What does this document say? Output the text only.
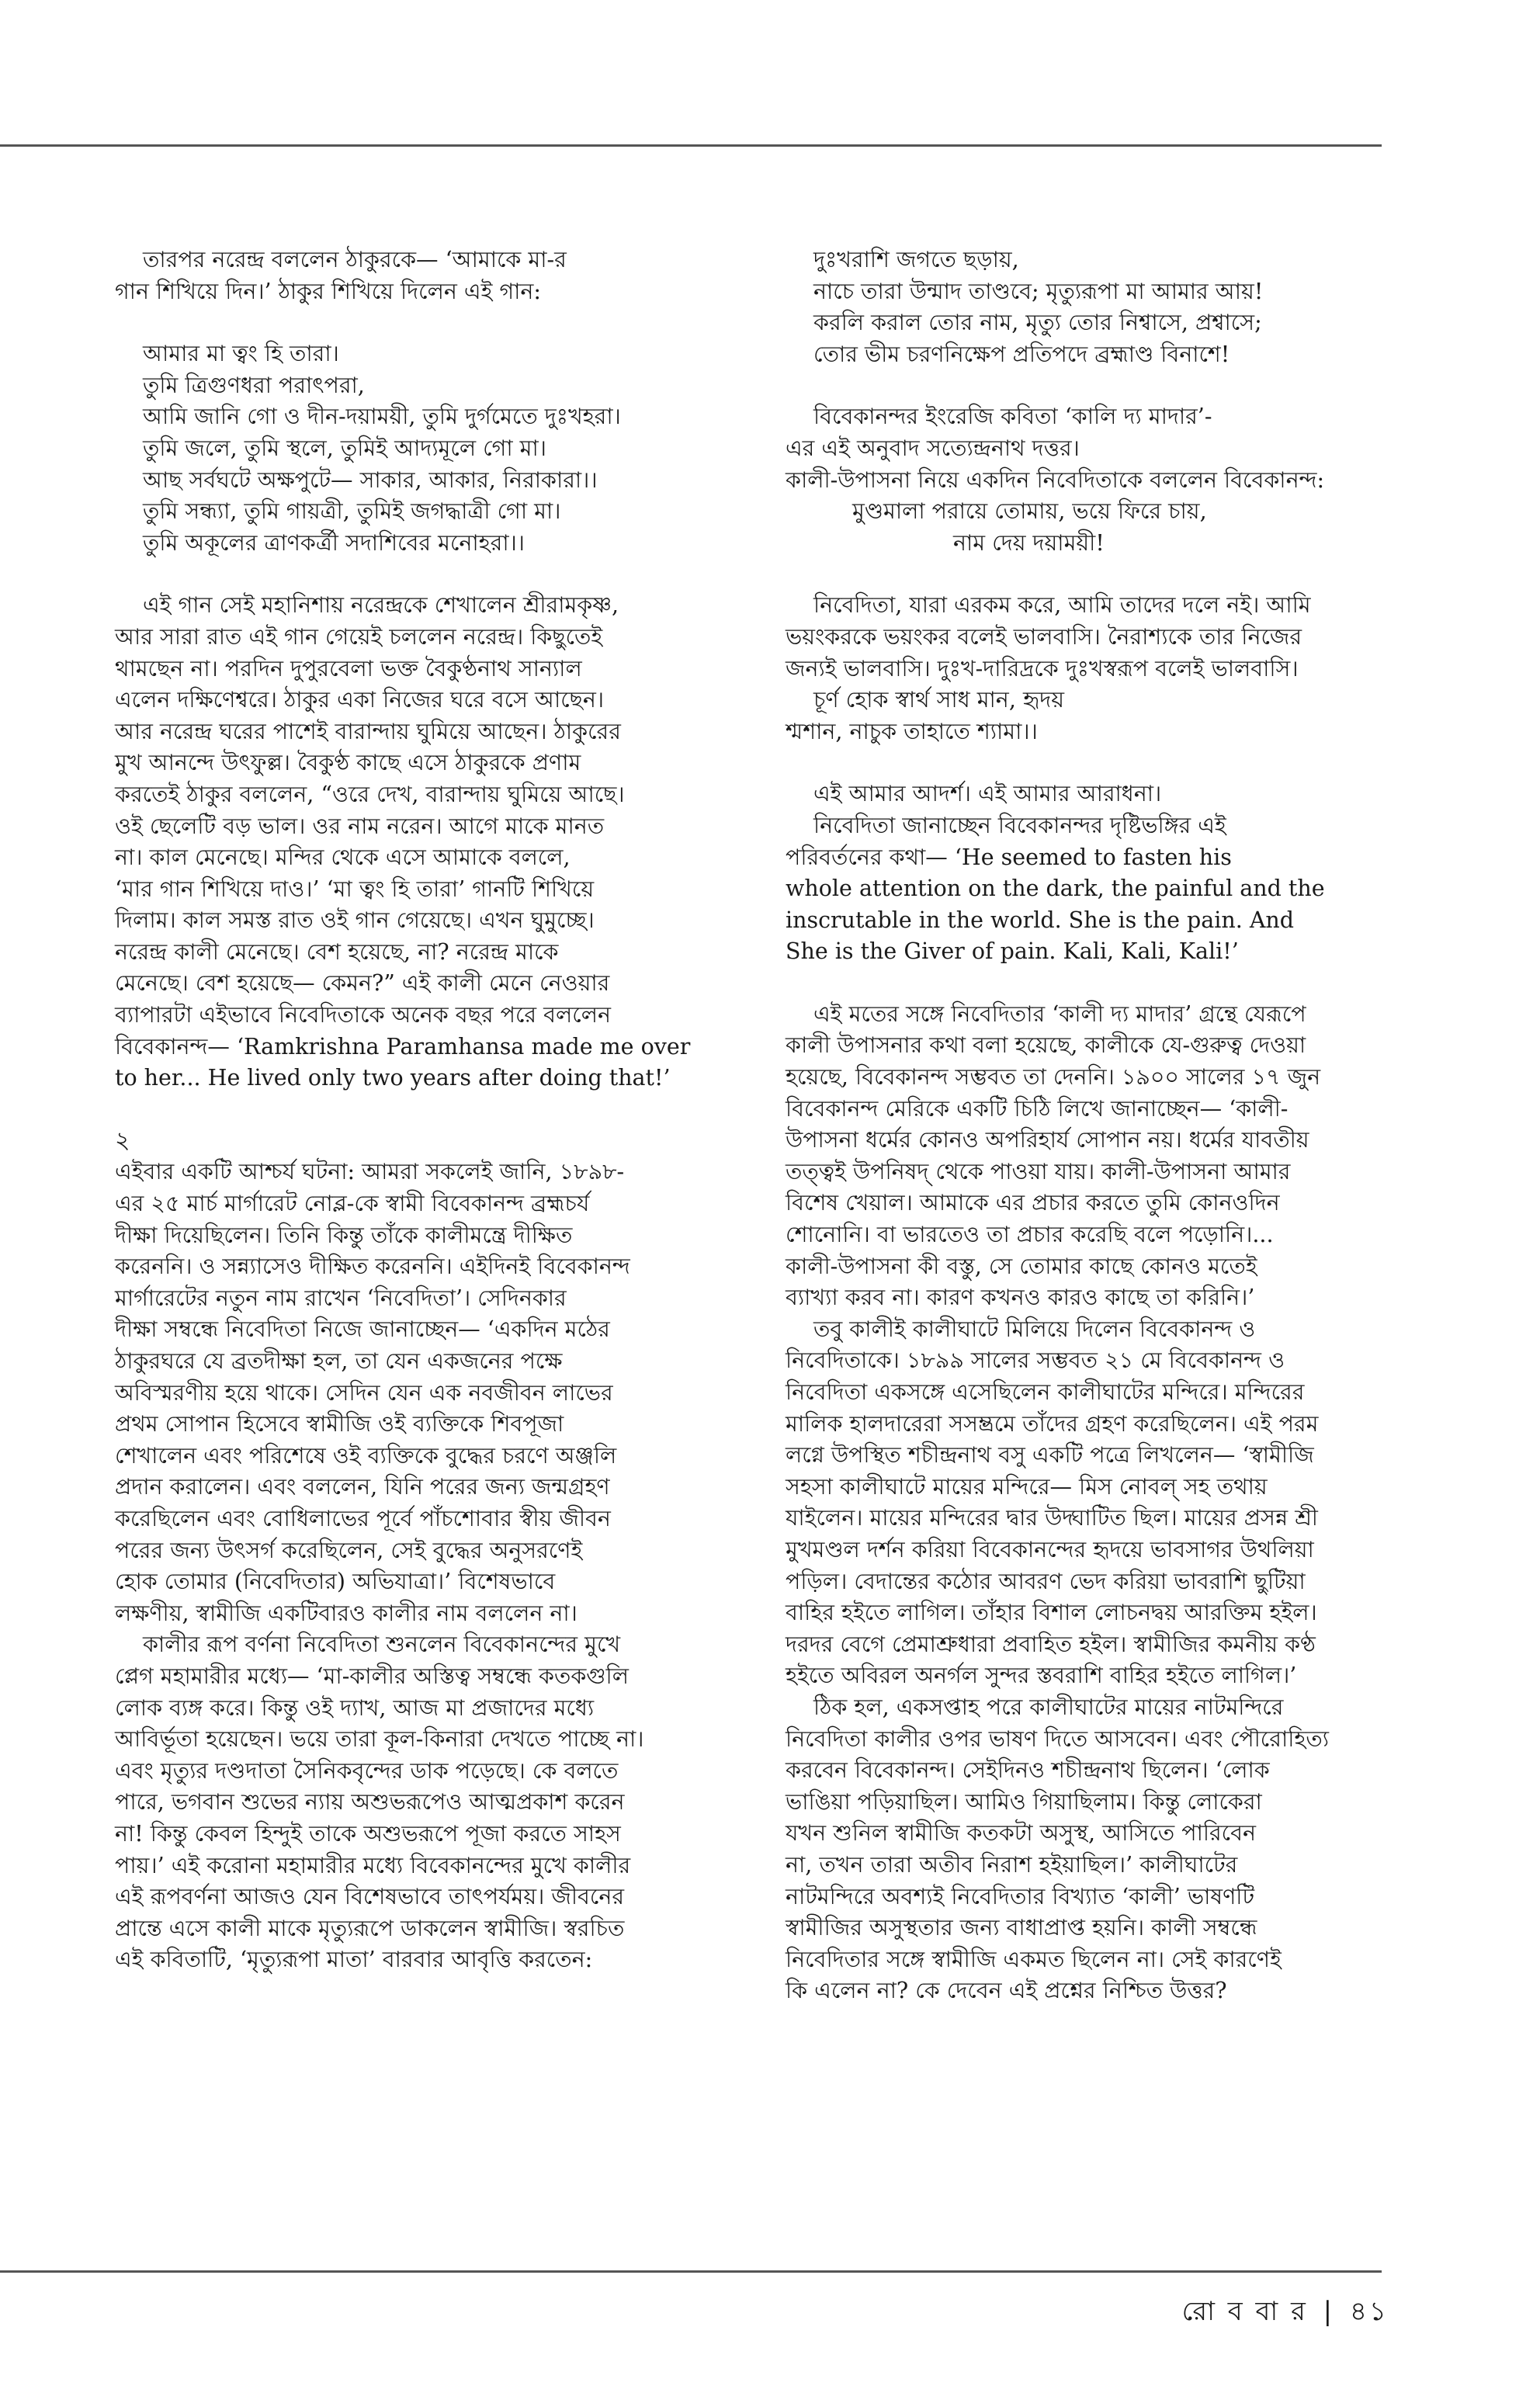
তারপর নরেন্দ্র বললেন ঠাকুরকে— ‘আমাকে মা-র

গান শিখিয়ে দিন।’ ঠাকুর শিখিয়ে দিলেন এই গান:

আমার মা ত্বং হি তারা।

তুমি ত্রিগুণধরা পরাৎপরা,

আমি জানি গো ও দীন-দয়াময়ী, তুমি দুর্গমেতে দুঃখহরা।

তুমি জলে, তুমি স্থলে, তুমিই আদ্যমূলে গো মা।

আছ সর্বঘটে অক্ষপুটে— সাকার, আকার, নিরাকারা।।

তুমি সন্ধ্যা, তুমি গায়ত্রী, তুমিই জগদ্ধাত্রী গো মা।

তুমি অকূলের ত্রাণকর্ত্রী সদাশিবের মনোহরা।।

এই গান সেই মহানিশায় নরেন্দ্রকে শেখালেন শ্রীরামকৃষ্ণ,

আর সারা রাত এই গান গেয়েই চললেন নরেন্দ্র। কিছুতেই

থামছেন না। পরদিন দুপুরবেলা ভক্ত বৈকুণ্ঠনাথ সান্যাল

এলেন দক্ষিণেশ্বরে। ঠাকুর একা নিজের ঘরে বসে আছেন।

আর নরেন্দ্র ঘরের পাশেই বারান্দায় ঘুমিয়ে আছেন। ঠাকুরের

মুখ আনন্দে উৎফুল্ল। বৈকুণ্ঠ কাছে এসে ঠাকুরকে প্রণাম

করতেই ঠাকুর বললেন, “ওরে দেখ, বারান্দায় ঘুমিয়ে আছে।

ওই ছেলেটি বড় ভাল। ওর নাম নরেন। আগে মাকে মানত

না। কাল মেনেছে। মন্দির থেকে এসে আমাকে বললে,

‘মার গান শিখিয়ে দাও।’ ‘মা ত্বং হি তারা’ গানটি শিখিয়ে

দিলাম। কাল সমস্ত রাত ওই গান গেয়েছে। এখন ঘুমুচ্ছে।

নরেন্দ্র কালী মেনেছে। বেশ হয়েছে, না? নরেন্দ্র মাকে

মেনেছে। বেশ হয়েছে— কেমন?” এই কালী মেনে নেওয়ার

ব্যাপারটা এইভাবে নিবেদিতাকে অনেক বছর পরে বললেন

বিবেকানন্দ— ‘Ramkrishna Paramhansa made me over

to her... He lived only two years after doing that!’

২

এইবার একটি আশ্চর্য ঘটনা: আমরা সকলেই জানি, ১৮৯৮-

এর ২৫ মার্চ মার্গারেট নোব্ল-কে স্বামী বিবেকানন্দ ব্রহ্মচর্য

দীক্ষা দিয়েছিলেন। তিনি কিন্তু তাঁকে কালীমন্ত্রে দীক্ষিত

করেননি। ও সন্ন্যাসেও দীক্ষিত করেননি। এইদিনই বিবেকানন্দ

মার্গারেটের নতুন নাম রাখেন ‘নিবেদিতা’। সেদিনকার

দীক্ষা সম্বন্ধে নিবেদিতা নিজে জানাচ্ছেন— ‘একদিন মঠের

ঠাকুরঘরে যে ব্রতদীক্ষা হল, তা যেন একজনের পক্ষে

অবিস্মরণীয় হয়ে থাকে। সেদিন যেন এক নবজীবন লাভের

প্রথম সোপান হিসেবে স্বামীজি ওই ব্যক্তিকে শিবপূজা

শেখালেন এবং পরিশেষে ওই ব্যক্তিকে বুদ্ধের চরণে অঞ্জলি

প্রদান করালেন। এবং বললেন, যিনি পরের জন্য জন্মগ্রহণ

করেছিলেন এবং বোধিলাভের পূর্বে পাঁচশোবার স্বীয় জীবন

পরের জন্য উৎসর্গ করেছিলেন, সেই বুদ্ধের অনুসরণেই

হোক তোমার (নিবেদিতার) অভিযাত্রা।’ বিশেষভাবে

লক্ষণীয়, স্বামীজি একটিবারও কালীর নাম বললেন না।

কালীর রূপ বর্ণনা নিবেদিতা শুনলেন বিবেকানন্দের মুখে

প্লেগ মহামারীর মধ্যে— ‘মা-কালীর অস্তিত্ব সম্বন্ধে কতকগুলি

লোক ব্যঙ্গ করে। কিন্তু ওই দ্যাখ, আজ মা প্রজাদের মধ্যে

আবির্ভূতা হয়েছেন। ভয়ে তারা কূল-কিনারা দেখতে পাচ্ছে না।

এবং মৃত্যুর দণ্ডদাতা সৈনিকবৃন্দের ডাক পড়েছে। কে বলতে

পারে, ভগবান শুভের ন্যায় অশুভরূপেও আত্মপ্রকাশ করেন

না! কিন্তু কেবল হিন্দুই তাকে অশুভরূপে পূজা করতে সাহস

পায়।’ এই করোনা মহামারীর মধ্যে বিবেকানন্দের মুখে কালীর

এই রূপবর্ণনা আজও যেন বিশেষভাবে তাৎপর্যময়। জীবনের

প্রান্তে এসে কালী মাকে মৃত্যুরূপে ডাকলেন স্বামীজি। স্বরচিত

এই কবিতাটি, ‘মৃত্যুরূপা মাতা’ বারবার আবৃত্তি করতেন:

দুঃখরাশি জগতে ছড়ায়,

নাচে তারা উন্মাদ তাণ্ডবে; মৃত্যুরূপা মা আমার আয়!

করলি করাল তোর নাম, মৃত্যু তোর নিশ্বাসে, প্রশ্বাসে;

তোর ভীম চরণনিক্ষেপ প্রতিপদে ব্রহ্মাণ্ড বিনাশে!

বিবেকানন্দর ইংরেজি কবিতা ‘কালি দ্য মাদার’-

এর এই অনুবাদ সত্যেন্দ্রনাথ দত্তর।

কালী-উপাসনা নিয়ে একদিন নিবেদিতাকে বললেন বিবেকানন্দ:

মুণ্ডমালা পরায়ে তোমায়, ভয়ে ফিরে চায়,

নাম দেয় দয়াময়ী!

নিবেদিতা, যারা এরকম করে, আমি তাদের দলে নই। আমি

ভয়ংকরকে ভয়ংকর বলেই ভালবাসি। নৈরাশ্যকে তার নিজের

জন্যই ভালবাসি। দুঃখ-দারিদ্রকে দুঃখস্বরূপ বলেই ভালবাসি।

চূর্ণ হোক স্বার্থ সাধ মান, হৃদয়

শ্মশান, নাচুক তাহাতে শ্যামা।।

এই আমার আদর্শ। এই আমার আরাধনা।

নিবেদিতা জানাচ্ছেন বিবেকানন্দর দৃষ্টিভঙ্গির এই

পরিবর্তনের কথা— ‘He seemed to fasten his

whole attention on the dark, the painful and the

inscrutable in the world. She is the pain. And

She is the Giver of pain. Kali, Kali, Kali!’

এই মতের সঙ্গে নিবেদিতার ‘কালী দ্য মাদার’ গ্রন্থে যেরূপে

কালী উপাসনার কথা বলা হয়েছে, কালীকে যে-গুরুত্ব দেওয়া

হয়েছে, বিবেকানন্দ সম্ভবত তা দেননি। ১৯০০ সালের ১৭ জুন

বিবেকানন্দ মেরিকে একটি চিঠি লিখে জানাচ্ছেন— ‘কালী-

উপাসনা ধর্মের কোনও অপরিহার্য সোপান নয়। ধর্মের যাবতীয়

তত্ত্বই উপনিষদ্ থেকে পাওয়া যায়। কালী-উপাসনা আমার

বিশেষ খেয়াল। আমাকে এর প্রচার করতে তুমি কোনওদিন

শোনোনি। বা ভারতেও তা প্রচার করেছি বলে পড়োনি।...

কালী-উপাসনা কী বস্তু, সে তোমার কাছে কোনও মতেই

ব্যাখ্যা করব না। কারণ কখনও কারও কাছে তা করিনি।’

তবু কালীই কালীঘাটে মিলিয়ে দিলেন বিবেকানন্দ ও

নিবেদিতাকে। ১৮৯৯ সালের সম্ভবত ২১ মে বিবেকানন্দ ও

নিবেদিতা একসঙ্গে এসেছিলেন কালীঘাটের মন্দিরে। মন্দিরের

মালিক হালদারেরা সসম্ভ্রমে তাঁদের গ্রহণ করেছিলেন। এই পরম

লগ্নে উপস্থিত শচীন্দ্রনাথ বসু একটি পত্রে লিখলেন— ‘স্বামীজি

সহসা কালীঘাটে মায়ের মন্দিরে— মিস নোবল্ সহ তথায়

যাইলেন। মায়ের মন্দিরের দ্বার উদ্ঘাটিত ছিল। মায়ের প্রসন্ন শ্রী

মুখমণ্ডল দর্শন করিয়া বিবেকানন্দের হৃদয়ে ভাবসাগর উথলিয়া

পড়িল। বেদান্তের কঠোর আবরণ ভেদ করিয়া ভাবরাশি ছুটিয়া

বাহির হইতে লাগিল। তাঁহার বিশাল লোচনদ্বয় আরক্তিম হইল।

দরদর বেগে প্রেমাশ্রুধারা প্রবাহিত হইল। স্বামীজির কমনীয় কণ্ঠ

হইতে অবিরল অনর্গল সুন্দর স্তবরাশি বাহির হইতে লাগিল।’

ঠিক হল, একসপ্তাহ পরে কালীঘাটের মায়ের নাটমন্দিরে

নিবেদিতা কালীর ওপর ভাষণ দিতে আসবেন। এবং পৌরোহিত্য

করবেন বিবেকানন্দ। সেইদিনও শচীন্দ্রনাথ ছিলেন। ‘লোক

ভাঙিয়া পড়িয়াছিল। আমিও গিয়াছিলাম। কিন্তু লোকেরা

যখন শুনিল স্বামীজি কতকটা অসুস্থ, আসিতে পারিবেন

না, তখন তারা অতীব নিরাশ হইয়াছিল।’ কালীঘাটের

নাটমন্দিরে অবশ্যই নিবেদিতার বিখ্যাত ‘কালী’ ভাষণটি

স্বামীজির অসুস্থতার জন্য বাধাপ্রাপ্ত হয়নি। কালী সম্বন্ধে

নিবেদিতার সঙ্গে স্বামীজি একমত ছিলেন না। সেই কারণেই

কি এলেন না? কে দেবেন এই প্রশ্নের নিশ্চিত উত্তর?

রো ব বা র | ৪১
